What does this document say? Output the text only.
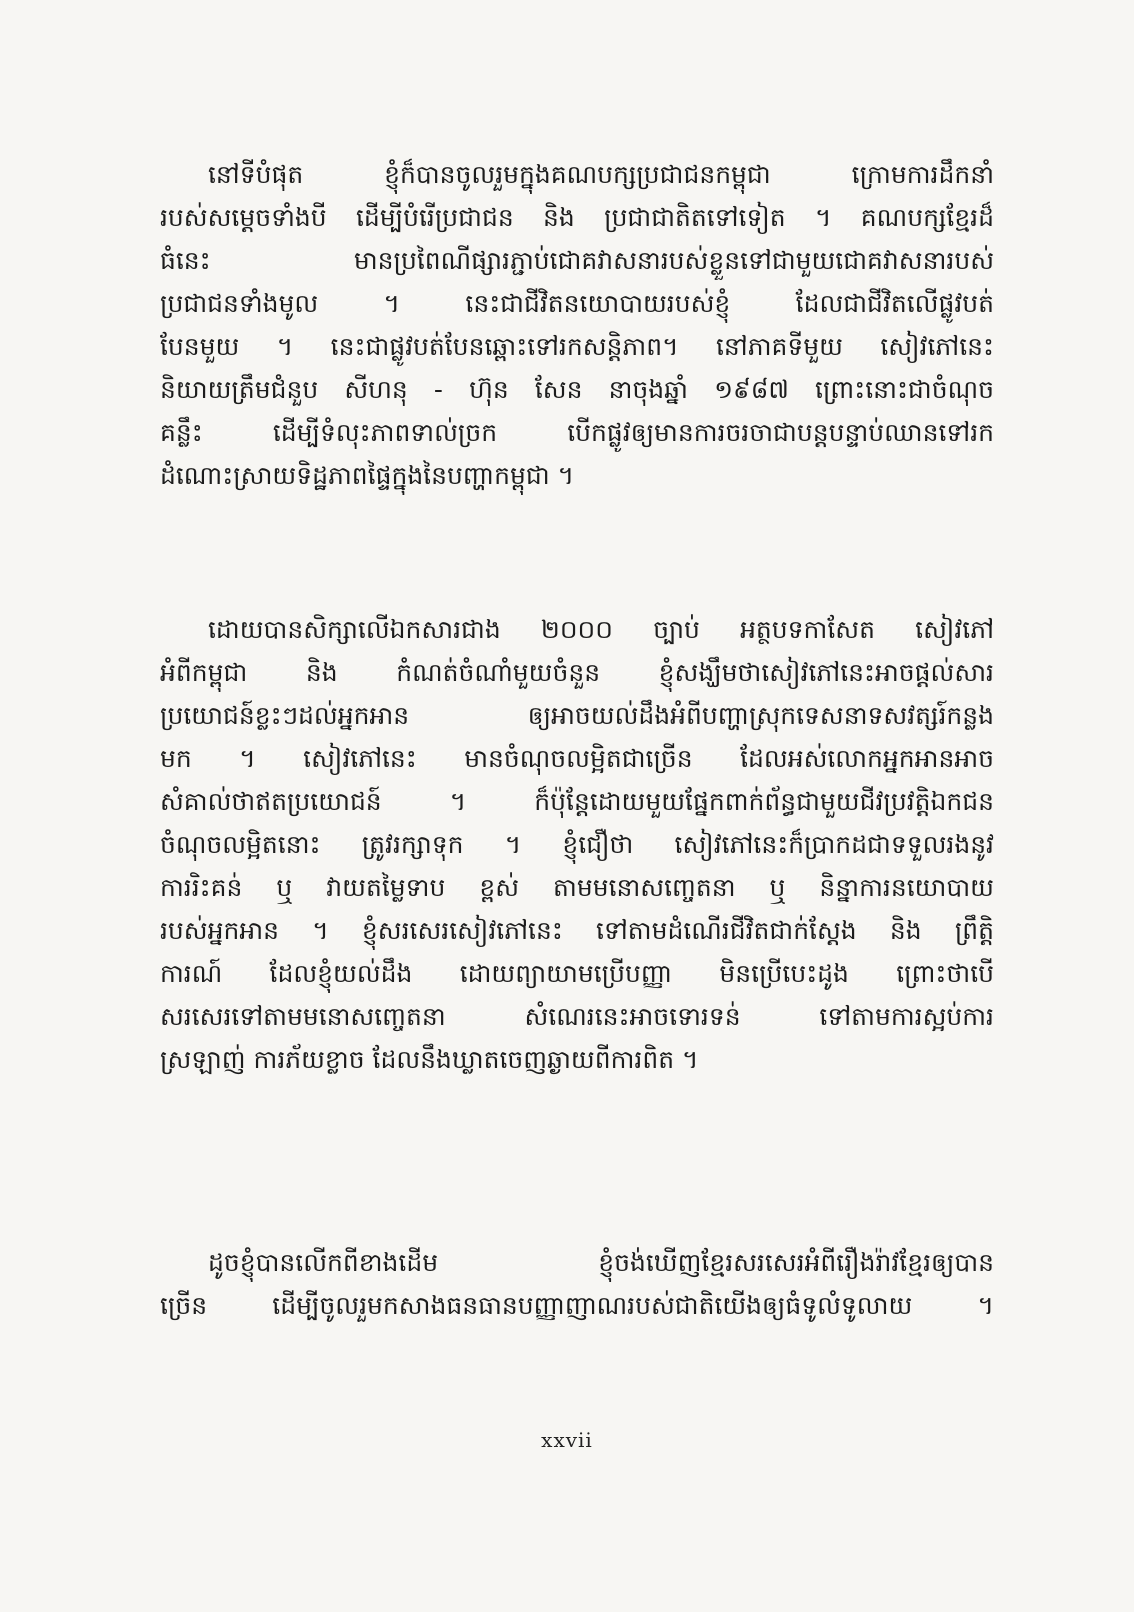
នៅទីបំផុត ខ្ញុំក៏បានចូលរួមក្នុងគណបក្សប្រជាជនកម្ពុជា ក្រោមការដឹកនាំ
របស់សម្ដេចទាំងបី ដើម្បីបំរើប្រជាជន និង ប្រជាជាតិតទៅទៀត ។ គណបក្សខ្មែរដ៏
ធំនេះ មានប្រពៃណីផ្សារភ្ជាប់ជោគវាសនារបស់ខ្លួនទៅជាមួយជោគវាសនារបស់
ប្រជាជនទាំងមូល ។ នេះជាជីវិតនយោបាយរបស់ខ្ញុំ ដែលជាជីវិតលើផ្លូវបត់
បែនមួយ ។ នេះជាផ្លូវបត់បែនឆ្ពោះទៅរកសន្តិភាព។ នៅភាគទីមួយ សៀវភៅនេះ
និយាយត្រឹមជំនួប សីហនុ - ហ៊ុន សែន នាចុងឆ្នាំ ១៩៨៧ ព្រោះនោះជាចំណុច
គន្លឹះ ដើម្បីទំលុះភាពទាល់ច្រក បើកផ្លូវឲ្យមានការចរចាជាបន្តបន្ទាប់ឈានទៅរក
ដំណោះស្រាយទិដ្ឋភាពផ្ទៃក្នុងនៃបញ្ហាកម្ពុជា ។
ដោយបានសិក្សាលើឯកសារជាង ២០០០ ច្បាប់ អត្ថបទកាសែត សៀវភៅ
អំពីកម្ពុជា និង កំណត់ចំណាំមួយចំនួន ខ្ញុំសង្ឃឹមថាសៀវភៅនេះអាចផ្ដល់សារ
ប្រយោជន៍ខ្លះៗដល់អ្នកអាន ឲ្យអាចយល់ដឹងអំពីបញ្ហាស្រុកទេសនាទសវត្សរ៍កន្លង
មក ។ សៀវភៅនេះ មានចំណុចលម្អិតជាច្រើន ដែលអស់លោកអ្នកអានអាច
សំគាល់ថាឥតប្រយោជន៍ ។ ក៏ប៉ុន្តែដោយមួយផ្នែកពាក់ព័ន្ធជាមួយជីវប្រវត្តិឯកជន
ចំណុចលម្អិតនោះ ត្រូវរក្សាទុក ។ ខ្ញុំជឿថា សៀវភៅនេះក៏ប្រាកដជាទទួលរងនូវ
ការរិះគន់ ឬ វាយតម្លៃទាប ខ្ពស់ តាមមនោសញ្ចេតនា ឬ និន្នាការនយោបាយ
របស់អ្នកអាន ។ ខ្ញុំសរសេរសៀវភៅនេះ ទៅតាមដំណើរជីវិតជាក់ស្ដែង និង ព្រឹត្តិ
ការណ៍ ដែលខ្ញុំយល់ដឹង ដោយព្យាយាមប្រើបញ្ញា មិនប្រើបេះដូង ព្រោះថាបើ
សរសេរទៅតាមមនោសញ្ចេតនា សំណេរនេះអាចទោរទន់ ទៅតាមការស្អប់ការ
ស្រឡាញ់ ការភ័យខ្លាច ដែលនឹងឃ្លាតចេញឆ្ងាយពីការពិត ។
ដូចខ្ញុំបានលើកពីខាងដើម ខ្ញុំចង់ឃើញខ្មែរសរសេរអំពីរឿងរ៉ាវខ្មែរឲ្យបាន
ច្រើន ដើម្បីចូលរួមកសាងធនធានបញ្ញាញាណរបស់ជាតិយើងឲ្យធំទូលំទូលាយ ។
xxvii
